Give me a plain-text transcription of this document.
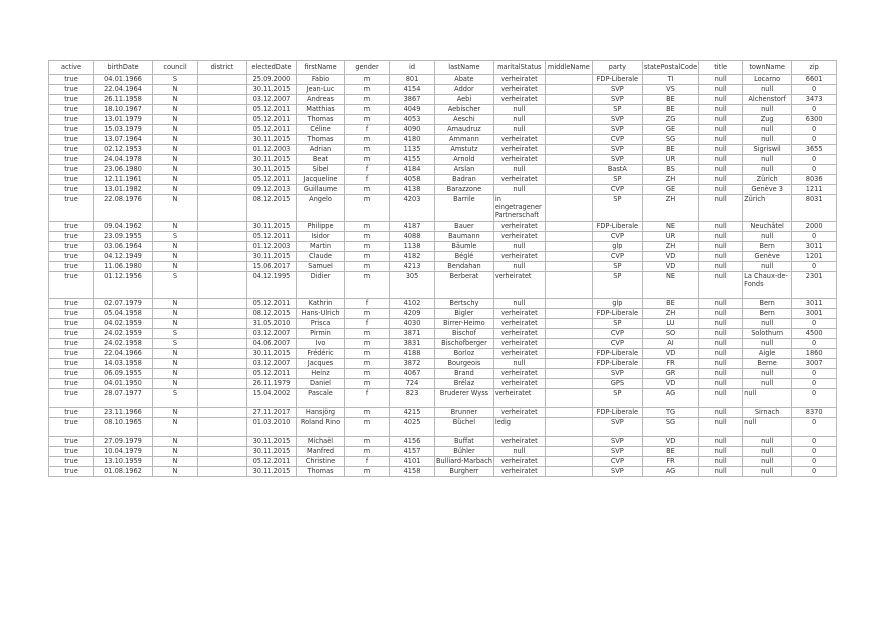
active	birthDate	council	district	electedDate	firstName	gender	id	lastName	maritalStatus	middleName	party	statePostalCode	title	townName	zip
true	04.01.1966	S		25.09.2000	Fabio	m	801	Abate	verheiratet		FDP-Liberale	TI	null	Locarno	6601
true	22.04.1964	N		30.11.2015	Jean-Luc	m	4154	Addor	verheiratet		SVP	VS	null	null	0
true	26.11.1958	N		03.12.2007	Andreas	m	3867	Aebi	verheiratet		SVP	BE	null	Alchenstorf	3473
true	18.10.1967	N		05.12.2011	Matthias	m	4049	Aebischer	null		SP	BE	null	null	0
true	13.01.1979	N		05.12.2011	Thomas	m	4053	Aeschi	null		SVP	ZG	null	Zug	6300
true	15.03.1979	N		05.12.2011	Céline	f	4090	Amaudruz	null		SVP	GE	null	null	0
true	13.07.1964	N		30.11.2015	Thomas	m	4180	Ammann	verheiratet		CVP	SG	null	null	0
true	02.12.1953	N		01.12.2003	Adrian	m	1135	Amstutz	verheiratet		SVP	BE	null	Sigriswil	3655
true	24.04.1978	N		30.11.2015	Beat	m	4155	Arnold	verheiratet		SVP	UR	null	null	0
true	23.06.1980	N		30.11.2015	Sibel	f	4184	Arslan	null		BastA	BS	null	null	0
true	12.11.1961	N		05.12.2011	Jacqueline	f	4058	Badran	verheiratet		SP	ZH	null	Zürich	8036
true	13.01.1982	N		09.12.2013	Guillaume	m	4138	Barazzone	null		CVP	GE	null	Genève 3	1211
true	22.08.1976	N		08.12.2015	Angelo	m	4203	Barrile	in eingetragener Partnerschaft		SP	ZH	null	Zürich	8031
true	09.04.1962	N		30.11.2015	Philippe	m	4187	Bauer	verheiratet		FDP-Liberale	NE	null	Neuchâtel	2000
true	23.09.1955	S		05.12.2011	Isidor	m	4088	Baumann	verheiratet		CVP	UR	null	null	0
true	03.06.1964	N		01.12.2003	Martin	m	1138	Bäumle	null		glp	ZH	null	Bern	3011
true	04.12.1949	N		30.11.2015	Claude	m	4182	Béglé	verheiratet		CVP	VD	null	Genève	1201
true	11.06.1980	N		15.06.2017	Samuel	m	4213	Bendahan	null		SP	VD	null	null	0
true	01.12.1956	S		04.12.1995	Didier	m	305	Berberat	verheiratet		SP	NE	null	La Chaux-de-Fonds	2301
true	02.07.1979	N		05.12.2011	Kathrin	f	4102	Bertschy	null		glp	BE	null	Bern	3011
true	05.04.1958	N		08.12.2015	Hans-Ulrich	m	4209	Bigler	verheiratet		FDP-Liberale	ZH	null	Bern	3001
true	04.02.1959	N		31.05.2010	Prisca	f	4030	Birrer-Heimo	verheiratet		SP	LU	null	null	0
true	24.02.1959	S		03.12.2007	Pirmin	m	3871	Bischof	verheiratet		CVP	SO	null	Solothurn	4500
true	24.02.1958	S		04.06.2007	Ivo	m	3831	Bischofberger	verheiratet		CVP	AI	null	null	0
true	22.04.1966	N		30.11.2015	Frédéric	m	4188	Borloz	verheiratet		FDP-Liberale	VD	null	Aigle	1860
true	14.03.1958	N		03.12.2007	Jacques	m	3872	Bourgeois	null		FDP-Liberale	FR	null	Berne	3007
true	06.09.1955	N		05.12.2011	Heinz	m	4067	Brand	verheiratet		SVP	GR	null	null	0
true	04.01.1950	N		26.11.1979	Daniel	m	724	Brélaz	verheiratet		GPS	VD	null	null	0
true	28.07.1977	S		15.04.2002	Pascale	f	823	Bruderer Wyss	verheiratet		SP	AG	null	null	0
true	23.11.1966	N		27.11.2017	Hansjörg	m	4215	Brunner	verheiratet		FDP-Liberale	TG	null	Sirnach	8370
true	08.10.1965	N		01.03.2010	Roland Rino	m	4025	Büchel	ledig		SVP	SG	null	null	0
true	27.09.1979	N		30.11.2015	Michaël	m	4156	Buffat	verheiratet		SVP	VD	null	null	0
true	10.04.1979	N		30.11.2015	Manfred	m	4157	Bühler	null		SVP	BE	null	null	0
true	13.10.1959	N		05.12.2011	Christine	f	4101	Bulliard-Marbach	verheiratet		CVP	FR	null	null	0
true	01.08.1962	N		30.11.2015	Thomas	m	4158	Burgherr	verheiratet		SVP	AG	null	null	0
